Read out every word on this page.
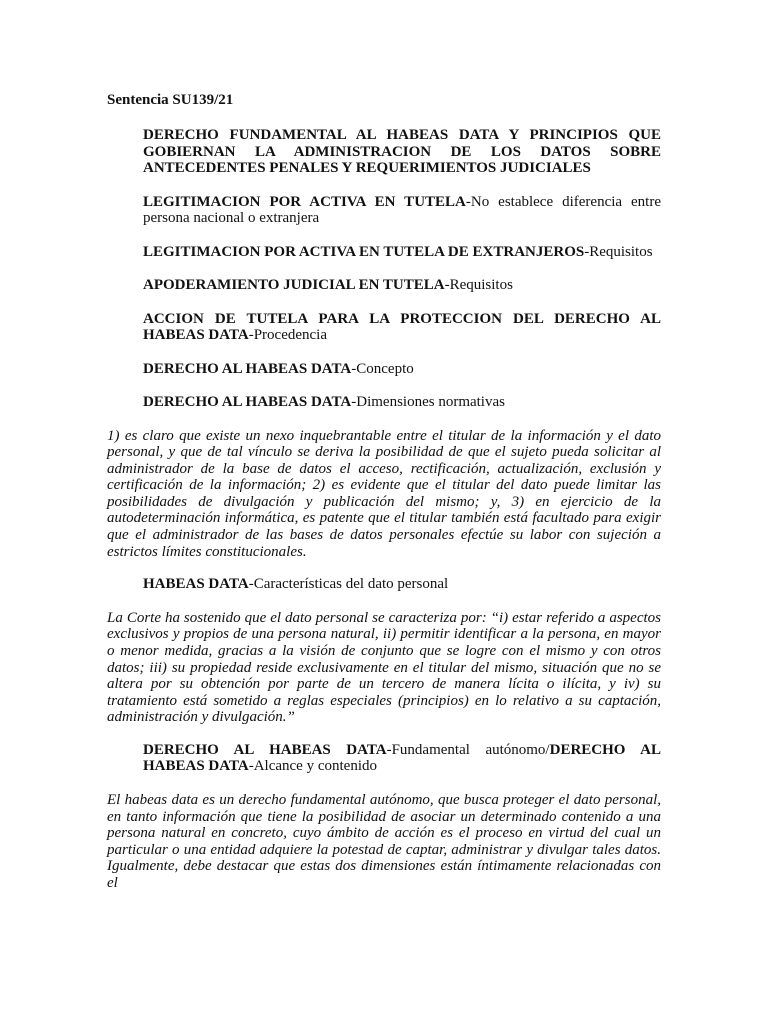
Sentencia SU139/21
DERECHO FUNDAMENTAL AL HABEAS DATA Y PRINCIPIOS QUE GOBIERNAN LA ADMINISTRACION DE LOS DATOS SOBRE ANTECEDENTES PENALES Y REQUERIMIENTOS JUDICIALES
LEGITIMACION POR ACTIVA EN TUTELA-No establece diferencia entre persona nacional o extranjera
LEGITIMACION POR ACTIVA EN TUTELA DE EXTRANJEROS-Requisitos
APODERAMIENTO JUDICIAL EN TUTELA-Requisitos
ACCION DE TUTELA PARA LA PROTECCION DEL DERECHO AL HABEAS DATA-Procedencia
DERECHO AL HABEAS DATA-Concepto
DERECHO AL HABEAS DATA-Dimensiones normativas

1) es claro que existe un nexo inquebrantable entre el titular de la información y el dato personal, y que de tal vínculo se deriva la posibilidad de que el sujeto pueda solicitar al administrador de la base de datos el acceso, rectificación, actualización, exclusión y certificación de la información; 2) es evidente que el titular del dato puede limitar las posibilidades de divulgación y publicación del mismo; y, 3) en ejercicio de la autodeterminación informática, es patente que el titular también está facultado para exigir que el administrador de las bases de datos personales efectúe su labor con sujeción a estrictos límites constitucionales.

HABEAS DATA-Características del dato personal

La Corte ha sostenido que el dato personal se caracteriza por: “i) estar referido a aspectos exclusivos y propios de una persona natural, ii) permitir identificar a la persona, en mayor o menor medida, gracias a la visión de conjunto que se logre con el mismo y con otros datos; iii) su propiedad reside exclusivamente en el titular del mismo, situación que no se altera por su obtención por parte de un tercero de manera lícita o ilícita, y iv) su tratamiento está sometido a reglas especiales (principios) en lo relativo a su captación, administración y divulgación.”

DERECHO AL HABEAS DATA-Fundamental autónomo/DERECHO AL HABEAS DATA-Alcance y contenido

El habeas data es un derecho fundamental autónomo, que busca proteger el dato personal, en tanto información que tiene la posibilidad de asociar un determinado contenido a una persona natural en concreto, cuyo ámbito de acción es el proceso en virtud del cual un particular o una entidad adquiere la potestad de captar, administrar y divulgar tales datos. Igualmente, debe destacar que estas dos dimensiones están íntimamente relacionadas con el
